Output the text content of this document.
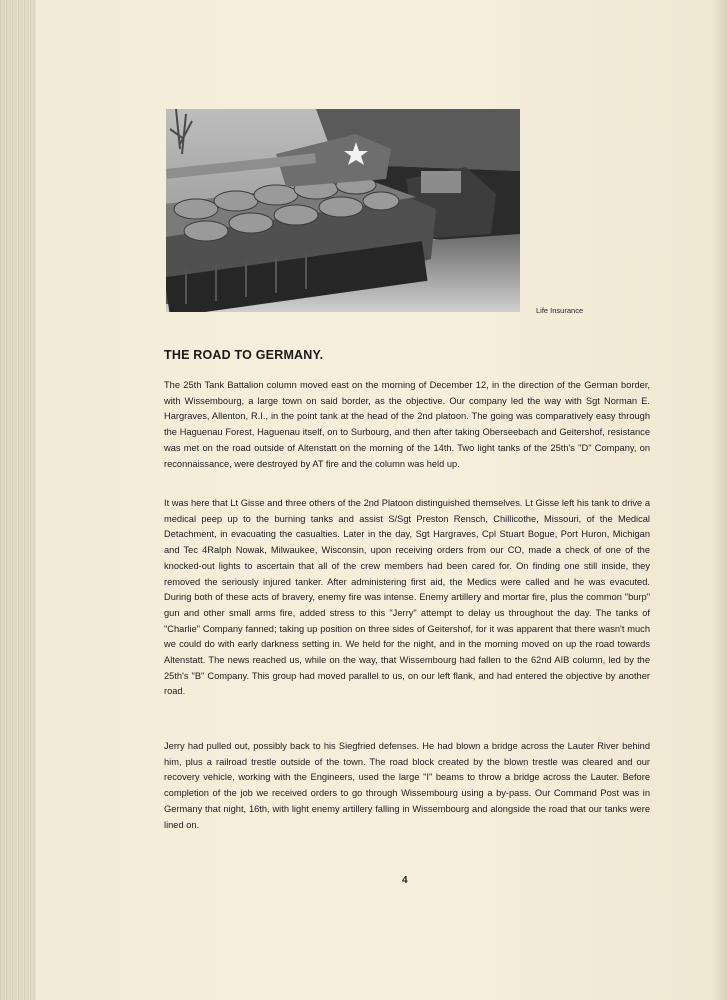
Life Insurance
THE ROAD TO GERMANY.
The 25th Tank Battalion column moved east on the morning of December 12, in the direction of the German border, with Wissembourg, a large town on said border, as the objective. Our company led the way with Sgt Norman E. Hargraves, Allenton, R.I., in the point tank at the head of the 2nd platoon. The going was comparatively easy through the Haguenau Forest, Haguenau itself, on to Surbourg, and then after taking Oberseebach and Geitershof, resistance was met on the road outside of Altenstatt on the morning of the 14th. Two light tanks of the 25th's "D" Company, on reconnaissance, were destroyed by AT fire and the column was held up.
It was here that Lt Gisse and three others of the 2nd Platoon distinguished themselves. Lt Gisse left his tank to drive a medical peep up to the burning tanks and assist S/Sgt Preston Rensch, Chillicothe, Missouri, of the Medical Detachment, in evacuating the casualties. Later in the day, Sgt Hargraves, Cpl Stuart Bogue, Port Huron, Michigan and Tec 4Ralph Nowak, Milwaukee, Wisconsin, upon receiving orders from our CO, made a check of one of the knocked-out lights to ascertain that all of the crew members had been cared for. On finding one still inside, they removed the seriously injured tanker. After administering first aid, the Medics were called and he was evacuted. During both of these acts of bravery, enemy fire was intense. Enemy artillery and mortar fire, plus the common "burp" gun and other small arms fire, added stress to this "Jerry" attempt to delay us throughout the day. The tanks of "Charlie" Company fanned; taking up position on three sides of Geitershof, for it was apparent that there wasn't much we could do with early darkness setting in. We held for the night, and in the morning moved on up the road towards Altenstatt. The news reached us, while on the way, that Wissembourg had fallen to the 62nd AIB column, led by the 25th's "B" Company. This group had moved parallel to us, on our left flank, and had entered the objective by another road.
Jerry had pulled out, possibly back to his Siegfried defenses. He had blown a bridge across the Lauter River behind him, plus a railroad trestle outside of the town. The road block created by the blown trestle was cleared and our recovery vehicle, working with the Engineers, used the large "I" beams to throw a bridge across the Lauter. Before completion of the job we received orders to go through Wissembourg using a by-pass. Our Command Post was in Germany that night, 16th, with light enemy artillery falling in Wissembourg and alongside the road that our tanks were lined on.
4
